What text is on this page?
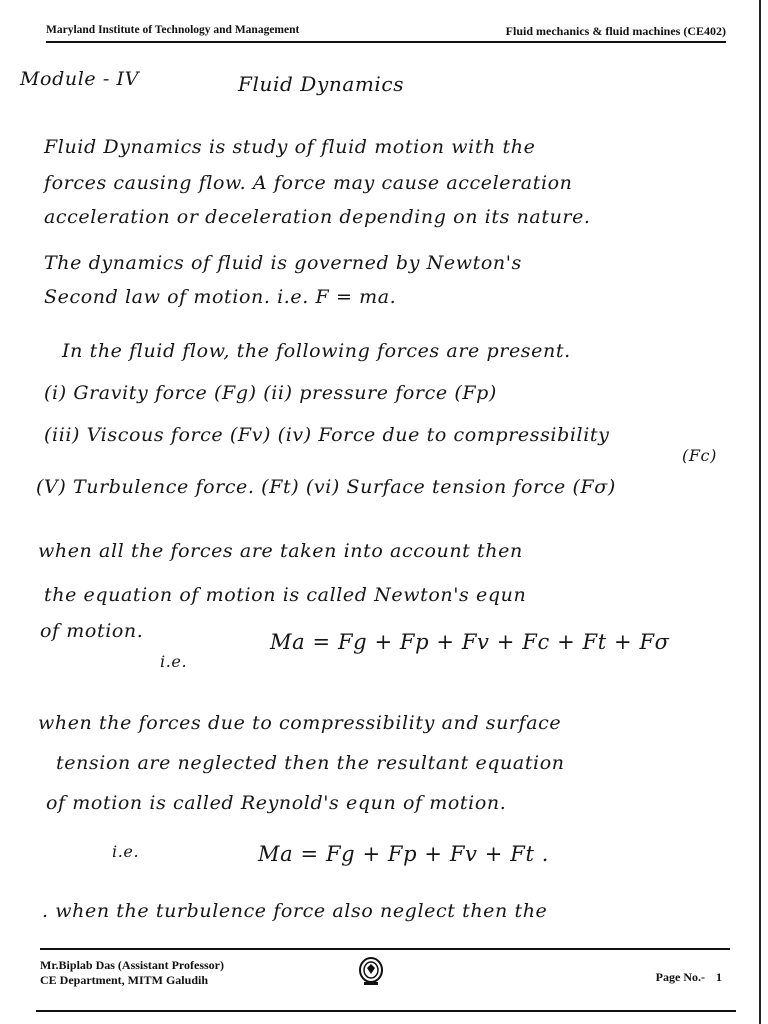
Maryland Institute of Technology and Management	Fluid mechanics & fluid machines (CE402)
Module - IV	Fluid Dynamics
Fluid Dynamics is study of fluid motion with the
forces causing flow. A force may cause acceleration
acceleration or deceleration depending on its nature.
The dynamics of fluid is governed by Newton's
Second law of motion. i.e. F = ma.
In the fluid flow, the following forces are present.
(i) Gravity force (Fg) (ii) pressure force (Fp)
(iii) Viscous force (Fv) (iv) Force due to compressibility
(Fc)
(V) Turbulence force. (Ft) (vi) Surface tension force (Fσ)
when all the forces are taken into account then
the equation of motion is called Newton's equn
of motion.
i.e.
Ma = Fg + Fp + Fv + Fc + Ft + Fσ
when the forces due to compressibility and surface
tension are neglected then the resultant equation
of motion is called Reynold's equn of motion.
i.e.	Ma = Fg + Fp + Fv + Ft .
. when the turbulence force also neglect then the
Mr.Biplab Das (Assistant Professor)
CE Department, MITM Galudih	Page No.- 1
